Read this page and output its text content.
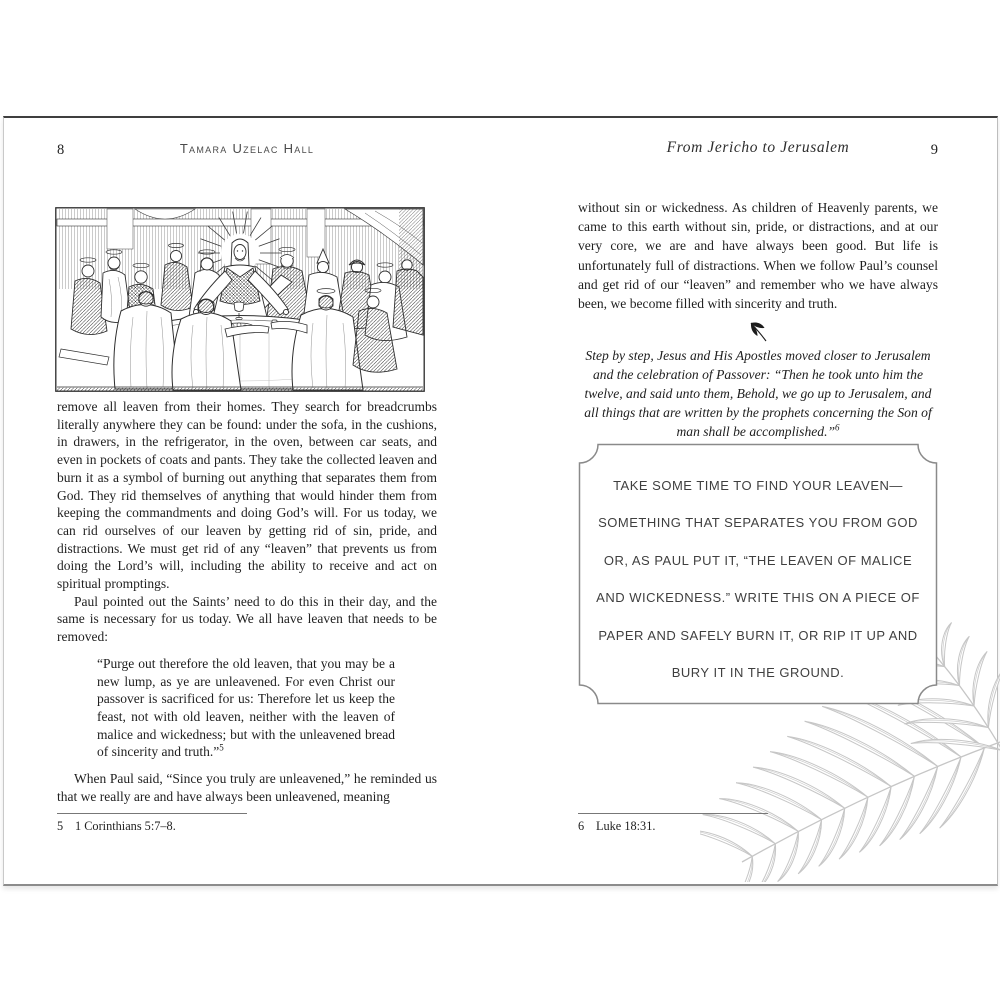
8	Tamara Uzelac Hall	From Jericho to Jerusalem	9

remove all leaven from their homes. They search for breadcrumbs literally anywhere they can be found: under the sofa, in the cushions, in drawers, in the refrigerator, in the oven, between car seats, and even in pockets of coats and pants. They take the collected leaven and burn it as a symbol of burning out anything that separates them from God. They rid themselves of anything that would hinder them from keeping the commandments and doing God’s will. For us today, we can rid ourselves of our leaven by getting rid of sin, pride, and distractions. We must get rid of any “leaven” that prevents us from doing the Lord’s will, including the ability to receive and act on spiritual promptings.

Paul pointed out the Saints’ need to do this in their day, and the same is necessary for us today. We all have leaven that needs to be removed:

“Purge out therefore the old leaven, that you may be a new lump, as ye are unleavened. For even Christ our passover is sacrificed for us: Therefore let us keep the feast, not with old leaven, neither with the leaven of malice and wickedness; but with the unleavened bread of sincerity and truth.”$^5$

When Paul said, “Since you truly are unleavened,” he reminded us that we really are and have always been unleavened, meaning

5 1 Corinthians 5:7–8.

without sin or wickedness. As children of Heavenly parents, we came to this earth without sin, pride, or distractions, and at our very core, we are and have always been good. But life is unfortunately full of distractions. When we follow Paul’s counsel and get rid of our “leaven” and remember who we have always been, we become filled with sincerity and truth.

Step by step, Jesus and His Apostles moved closer to Jerusalem and the celebration of Passover: “Then he took unto him the twelve, and said unto them, Behold, we go up to Jerusalem, and all things that are written by the prophets concerning the Son of man shall be accomplished.”$^6$
TAKE SOME TIME TO FIND YOUR LEAVEN—
SOMETHING THAT SEPARATES YOU FROM GOD
OR, AS PAUL PUT IT, “THE LEAVEN OF MALICE
AND WICKEDNESS.” WRITE THIS ON A PIECE OF
PAPER AND SAFELY BURN IT, OR RIP IT UP AND
BURY IT IN THE GROUND.
6 Luke 18:31.
